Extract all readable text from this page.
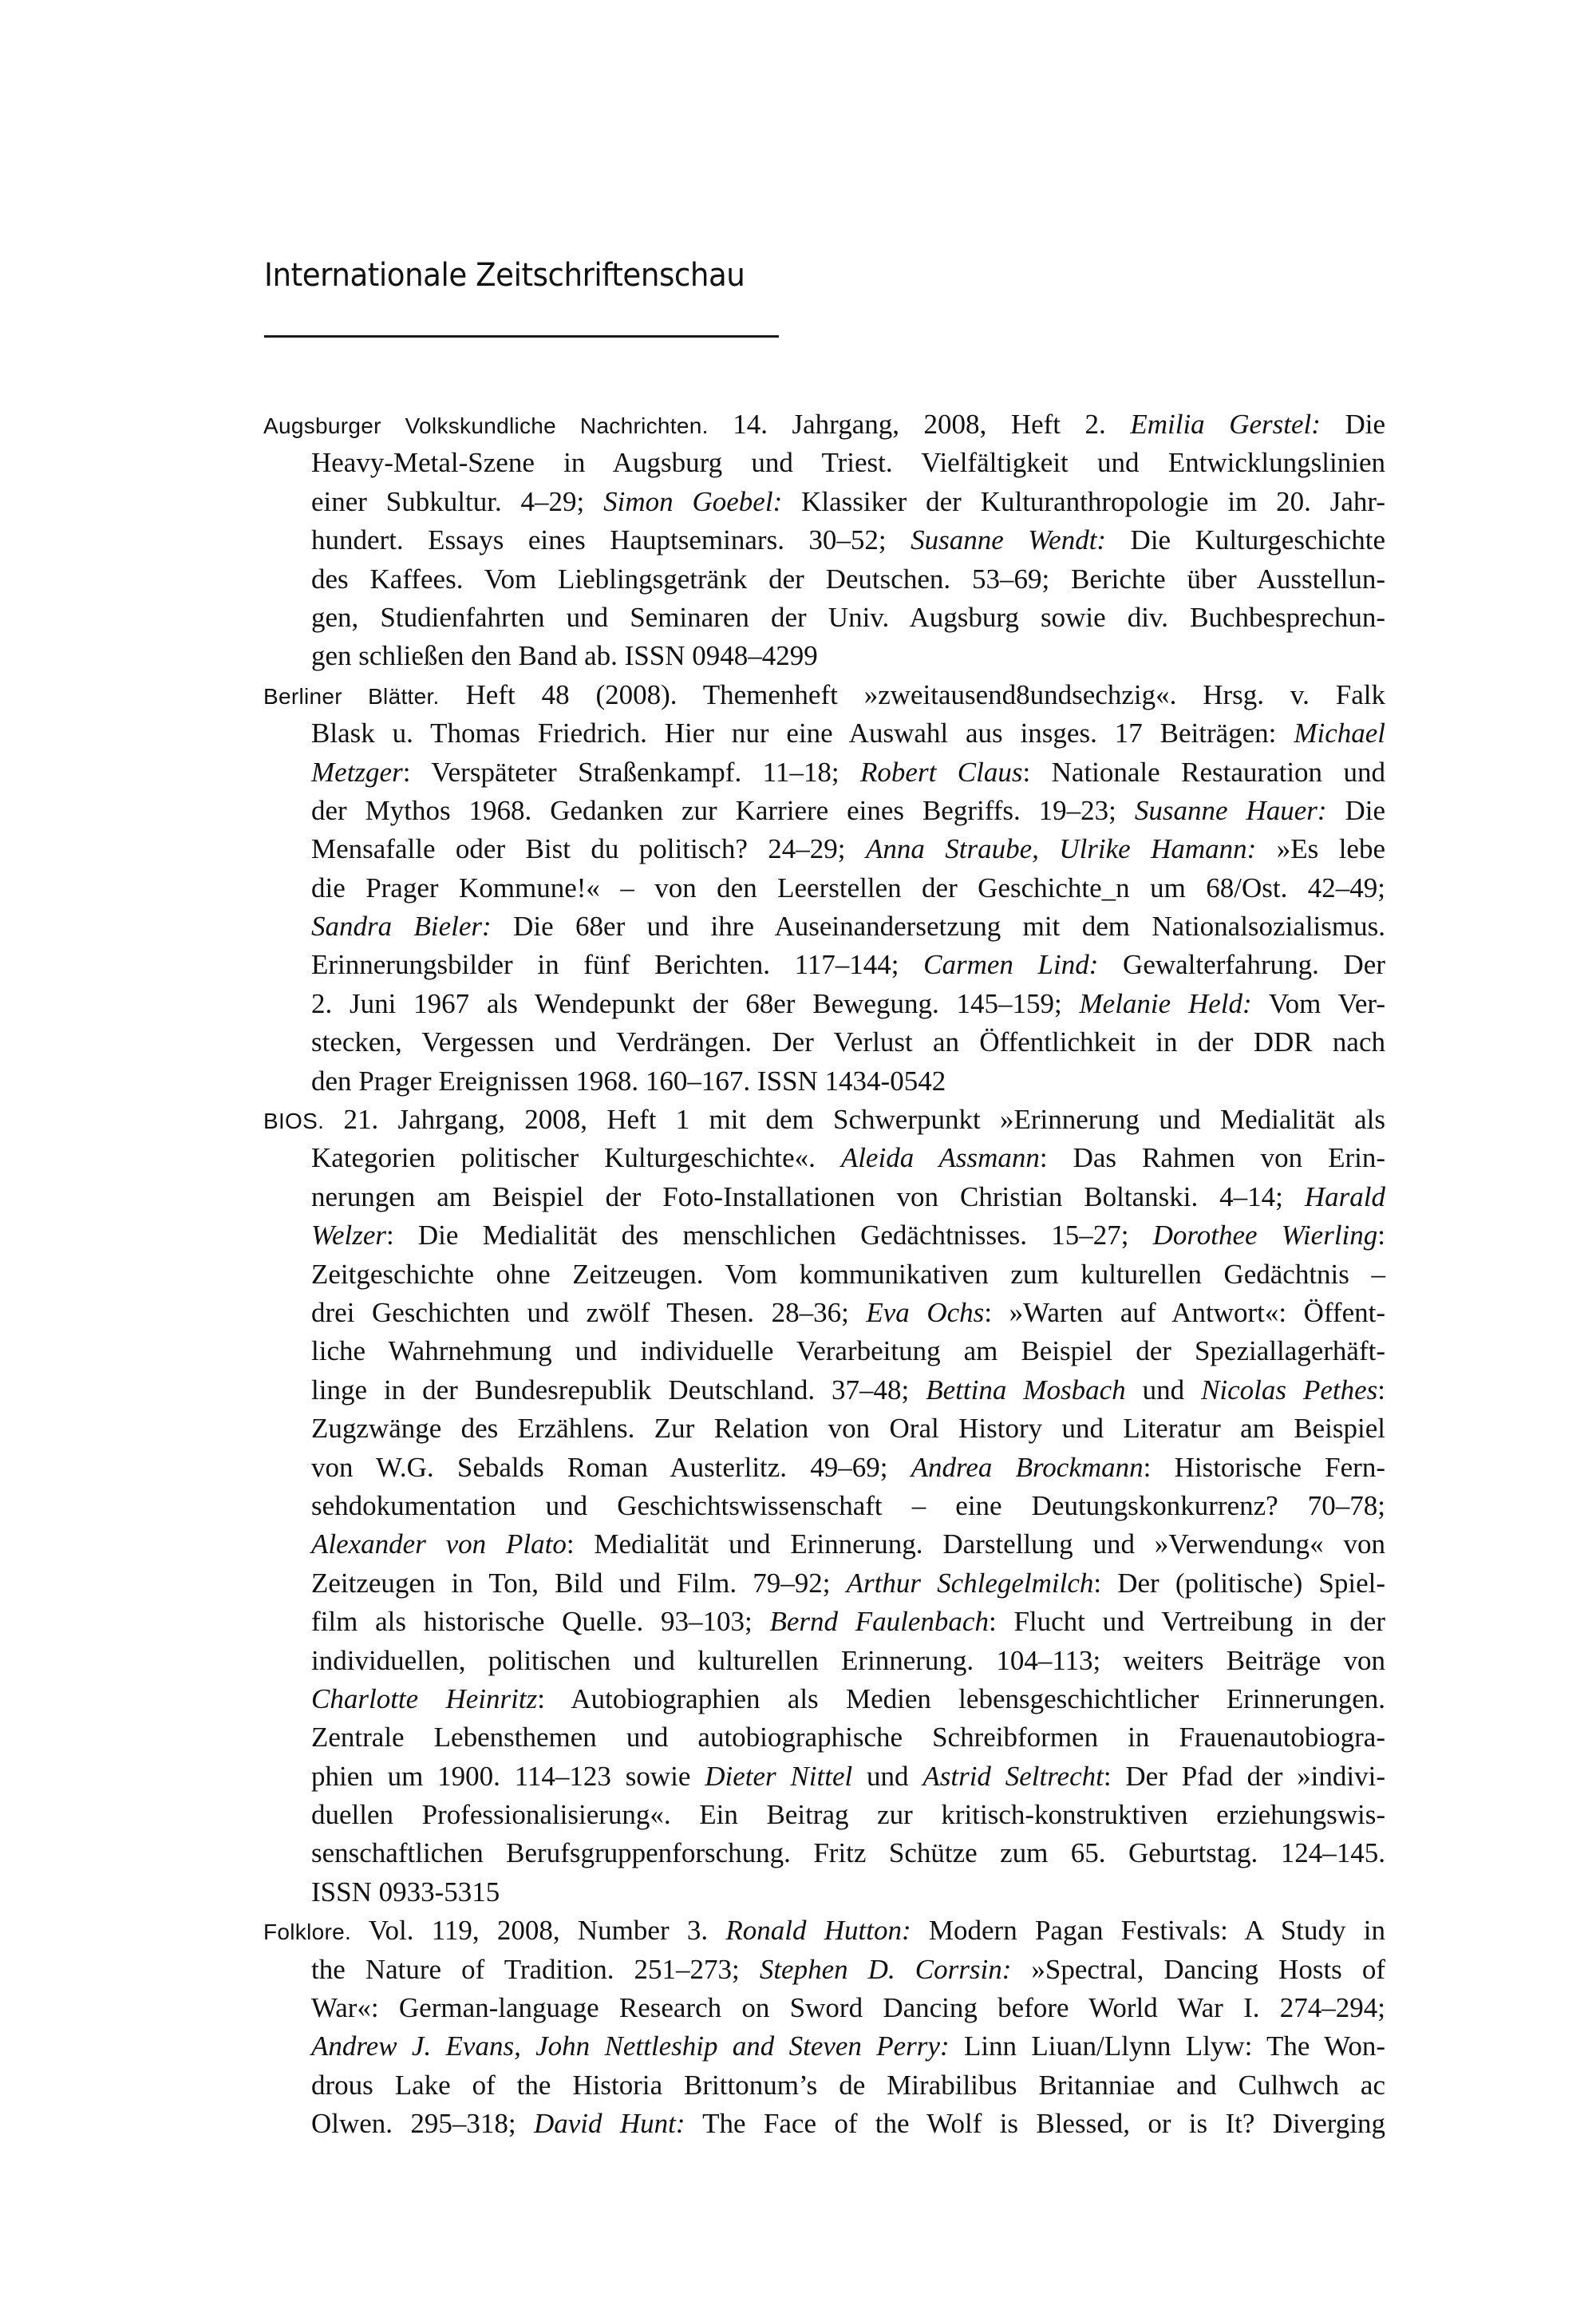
Internationale Zeitschriftenschau
Augsburger Volkskundliche Nachrichten. 14. Jahrgang, 2008, Heft 2. Emilia Gerstel: Die
Heavy-Metal-Szene in Augsburg und Triest. Vielfältigkeit und Entwicklungslinien
einer Subkultur. 4–29; Simon Goebel: Klassiker der Kulturanthropologie im 20. Jahr-
hundert. Essays eines Hauptseminars. 30–52; Susanne Wendt: Die Kulturgeschichte
des Kaffees. Vom Lieblingsgetränk der Deutschen. 53–69; Berichte über Ausstellun-
gen, Studienfahrten und Seminaren der Univ. Augsburg sowie div. Buchbesprechun-
gen schließen den Band ab. ISSN 0948–4299
Berliner Blätter. Heft 48 (2008). Themenheft »zweitausend8undsechzig«. Hrsg. v. Falk
Blask u. Thomas Friedrich. Hier nur eine Auswahl aus insges. 17 Beiträgen: Michael
Metzger: Verspäteter Straßenkampf. 11–18; Robert Claus: Nationale Restauration und
der Mythos 1968. Gedanken zur Karriere eines Begriffs. 19–23; Susanne Hauer: Die
Mensafalle oder Bist du politisch? 24–29; Anna Straube, Ulrike Hamann: »Es lebe
die Prager Kommune!« – von den Leerstellen der Geschichte_n um 68/Ost. 42–49;
Sandra Bieler: Die 68er und ihre Auseinandersetzung mit dem Nationalsozialismus.
Erinnerungsbilder in fünf Berichten. 117–144; Carmen Lind: Gewalterfahrung. Der
2. Juni 1967 als Wendepunkt der 68er Bewegung. 145–159; Melanie Held: Vom Ver-
stecken, Vergessen und Verdrängen. Der Verlust an Öffentlichkeit in der DDR nach
den Prager Ereignissen 1968. 160–167. ISSN 1434-0542
BIOS. 21. Jahrgang, 2008, Heft 1 mit dem Schwerpunkt »Erinnerung und Medialität als
Kategorien politischer Kulturgeschichte«. Aleida Assmann: Das Rahmen von Erin-
nerungen am Beispiel der Foto-Installationen von Christian Boltanski. 4–14; Harald
Welzer: Die Medialität des menschlichen Gedächtnisses. 15–27; Dorothee Wierling:
Zeitgeschichte ohne Zeitzeugen. Vom kommunikativen zum kulturellen Gedächtnis –
drei Geschichten und zwölf Thesen. 28–36; Eva Ochs: »Warten auf Antwort«: Öffent-
liche Wahrnehmung und individuelle Verarbeitung am Beispiel der Speziallagerhäft-
linge in der Bundesrepublik Deutschland. 37–48; Bettina Mosbach und Nicolas Pethes:
Zugzwänge des Erzählens. Zur Relation von Oral History und Literatur am Beispiel
von W.G. Sebalds Roman Austerlitz. 49–69; Andrea Brockmann: Historische Fern-
sehdokumentation und Geschichtswissenschaft – eine Deutungskonkurrenz? 70–78;
Alexander von Plato: Medialität und Erinnerung. Darstellung und »Verwendung« von
Zeitzeugen in Ton, Bild und Film. 79–92; Arthur Schlegelmilch: Der (politische) Spiel-
film als historische Quelle. 93–103; Bernd Faulenbach: Flucht und Vertreibung in der
individuellen, politischen und kulturellen Erinnerung. 104–113; weiters Beiträge von
Charlotte Heinritz: Autobiographien als Medien lebensgeschichtlicher Erinnerungen.
Zentrale Lebensthemen und autobiographische Schreibformen in Frauenautobiogra-
phien um 1900. 114–123 sowie Dieter Nittel und Astrid Seltrecht: Der Pfad der »indivi-
duellen Professionalisierung«. Ein Beitrag zur kritisch-konstruktiven erziehungswis-
senschaftlichen Berufsgruppenforschung. Fritz Schütze zum 65. Geburtstag. 124–145.
ISSN 0933-5315
Folklore. Vol. 119, 2008, Number 3. Ronald Hutton: Modern Pagan Festivals: A Study in
the Nature of Tradition. 251–273; Stephen D. Corrsin: »Spectral, Dancing Hosts of
War«: German-language Research on Sword Dancing before World War I. 274–294;
Andrew J. Evans, John Nettleship and Steven Perry: Linn Liuan/Llynn Llyw: The Won-
drous Lake of the Historia Brittonum’s de Mirabilibus Britanniae and Culhwch ac
Olwen. 295–318; David Hunt: The Face of the Wolf is Blessed, or is It? Diverging
